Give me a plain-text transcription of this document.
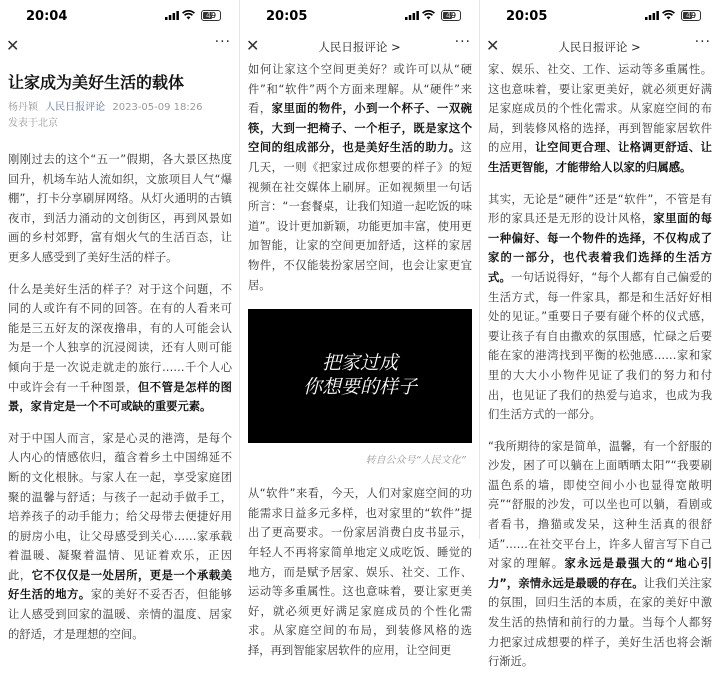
20:04	49
✕	···
让家成为美好生活的载体
杨丹颖 人民日报评论 2023-05-09 18:26
发表于北京

刚刚过去的这个“五一”假期，各大景区热度回升，机场车站人流如织，文旅项目人气“爆棚”，打卡分享刷屏网络。从灯火通明的古镇夜市，到活力涌动的文创街区，再到风景如画的乡村郊野，富有烟火气的生活百态，让更多人感受到了美好生活的样子。

什么是美好生活的样子？对于这个问题，不同的人或许有不同的回答。在有的人看来可能是三五好友的深夜撸串，有的人可能会认为是一个人独享的沉浸阅读，还有人则可能倾向于是一次说走就走的旅行……千个人心中或许会有一千种图景，但不管是怎样的图景，家肯定是一个不可或缺的重要元素。

对于中国人而言，家是心灵的港湾，是每个人内心的情感依归，蕴含着乡土中国绵延不断的文化根脉。与家人在一起，享受家庭团聚的温馨与舒适；与孩子一起动手做手工，培养孩子的动手能力；给父母带去便捷好用的厨房小电，让父母感受到关心……家承载着温暖、凝聚着温情、见证着欢乐，正因此，它不仅仅是一处居所，更是一个承载美好生活的地方。家的美好不妥否否，但能够让人感受到回家的温暖、亲情的温度、居家的舒适，才是理想的空间。

20:05	49
✕	人民日报评论 >	···

如何让家这个空间更美好？或许可以从“硬件”和“软件”两个方面来理解。从“硬件”来看，家里面的物件，小到一个杯子、一双碗筷，大到一把椅子、一个柜子，既是家这个空间的组成部分，也是美好生活的助力。这几天，一则《把家过成你想要的样子》的短视频在社交媒体上刷屏。正如视频里一句话所言：“一套餐桌，让我们知道一起吃饭的味道”。设计更加新颖，功能更加丰富，使用更加智能，让家的空间更加舒适，这样的家居物件，不仅能装扮家居空间，也会让家更宜居。

把家过成
你想要的样子
转自公众号“人民文化”

从“软件”来看，今天，人们对家庭空间的功能需求日益多元多样，也对家里的“软件”提出了更高要求。一份家居消费白皮书显示，年轻人不再将家简单地定义成吃饭、睡觉的地方，而是赋予居家、娱乐、社交、工作、运动等多重属性。这也意味着，要让家更美好，就必须更好满足家庭成员的个性化需求。从家庭空间的布局，到装修风格的选择，再到智能家居软件的应用，让空间更

20:05	49
✕	人民日报评论 >	···

家、娱乐、社交、工作、运动等多重属性。这也意味着，要让家更美好，就必须更好满足家庭成员的个性化需求。从家庭空间的布局，到装修风格的选择，再到智能家居软件的应用，让空间更合理、让格调更舒适、让生活更智能，才能带给人以家的归属感。

其实，无论是“硬件”还是“软件”，不管是有形的家具还是无形的设计风格，家里面的每一种偏好、每一个物件的选择，不仅构成了家的一部分，也代表着我们选择的生活方式。一句话说得好，“每个人都有自己偏爱的生活方式，每一件家具，都是和生活好好相处的见证。”重要日子要有碰个杯的仪式感，要让孩子有自由撒欢的氛围感，忙碌之后要能在家的港湾找到平衡的松弛感……家和家里的大大小小物件见证了我们的努力和付出，也见证了我们的热爱与追求，也成为我们生活方式的一部分。

“我所期待的家是简单，温馨，有一个舒服的沙发，困了可以躺在上面晒晒太阳”“我要刷温色系的墙，即使空间小小也显得宽敞明亮”“舒服的沙发，可以坐也可以躺，看剧或者看书，撸猫或发呆，这种生活真的很舒适”……在社交平台上，许多人留言写下自己对家的理解。家永远是最强大的“地心引力”，亲情永远是最暖的存在。让我们关注家的氛围，回归生活的本质，在家的美好中激发生活的热情和前行的力量。当每个人都努力把家过成想要的样子，美好生活也将会渐行渐近。
